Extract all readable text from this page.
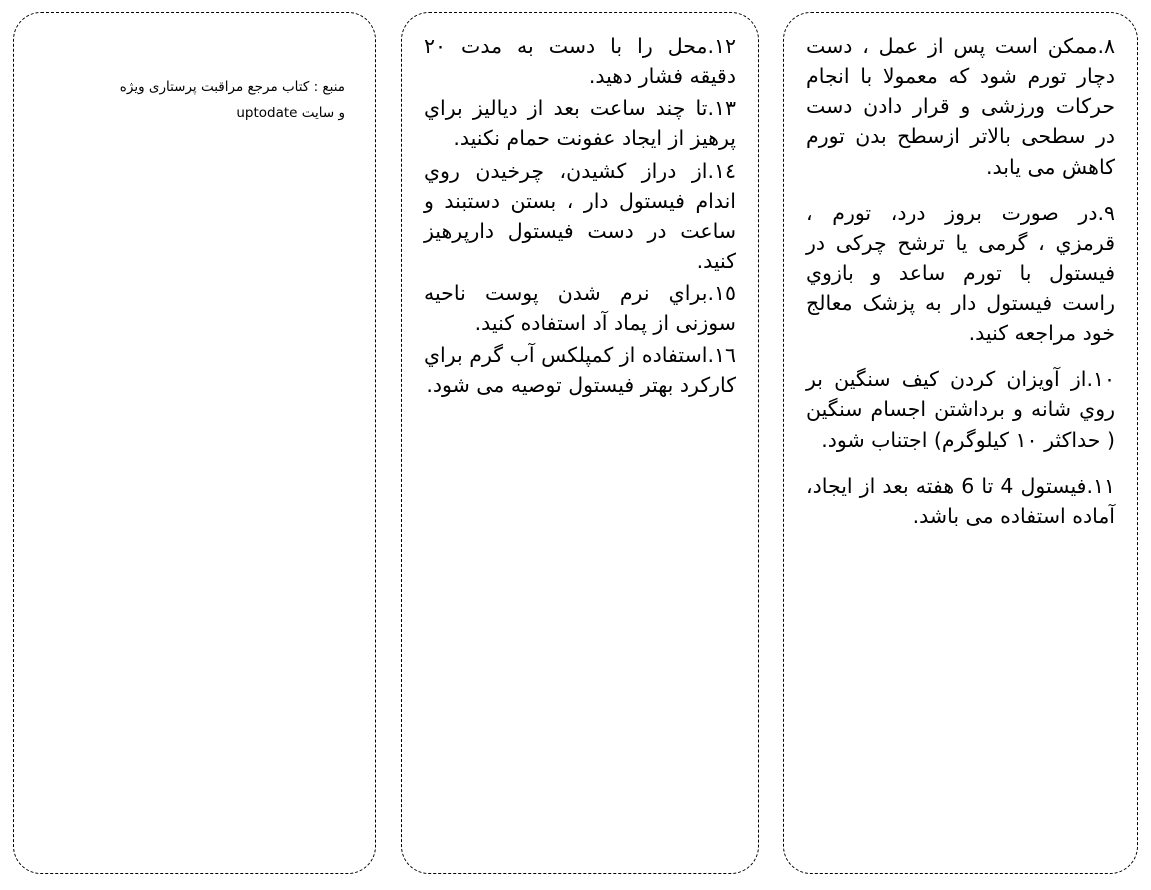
۸.ممکن است پس از عمل ، دست دچار تورم شود که معمولا با انجام حرکات ورزشی و قرار دادن دست در سطحی بالاتر ازسطح بدن تورم کاهش می یابد.

۹.در صورت بروز درد، تورم ، قرمزي ، گرمی یا ترشح چرکی در فیستول با تورم ساعد و بازوي راست فیستول دار به پزشک معالج خود مراجعه کنید.

۱۰.از آویزان کردن کیف سنگین بر روي شانه و برداشتن اجسام سنگین ( حداکثر ۱۰ کیلوگرم) اجتناب شود.

۱۱.فیستول 4 تا 6 هفته بعد از ایجاد، آماده استفاده می باشد.

۱۲.محل را با دست به مدت ۲۰ دقیقه فشار دهید.

۱۳.تا چند ساعت بعد از دیالیز براي پرهیز از ایجاد عفونت حمام نکنید.

۱٤.از دراز کشیدن، چرخیدن روي اندام فیستول دار ، بستن دستبند و ساعت در دست فیستول دارپرهیز کنید.

۱٥.براي نرم شدن پوست ناحیه سوزنی از پماد آد استفاده کنید.

۱٦.استفاده از کمپلکس آب گرم براي کارکرد بهتر فیستول توصیه می شود.

منبع : کتاب مرجع مراقبت پرستاری ویژه

و سایت uptodate
